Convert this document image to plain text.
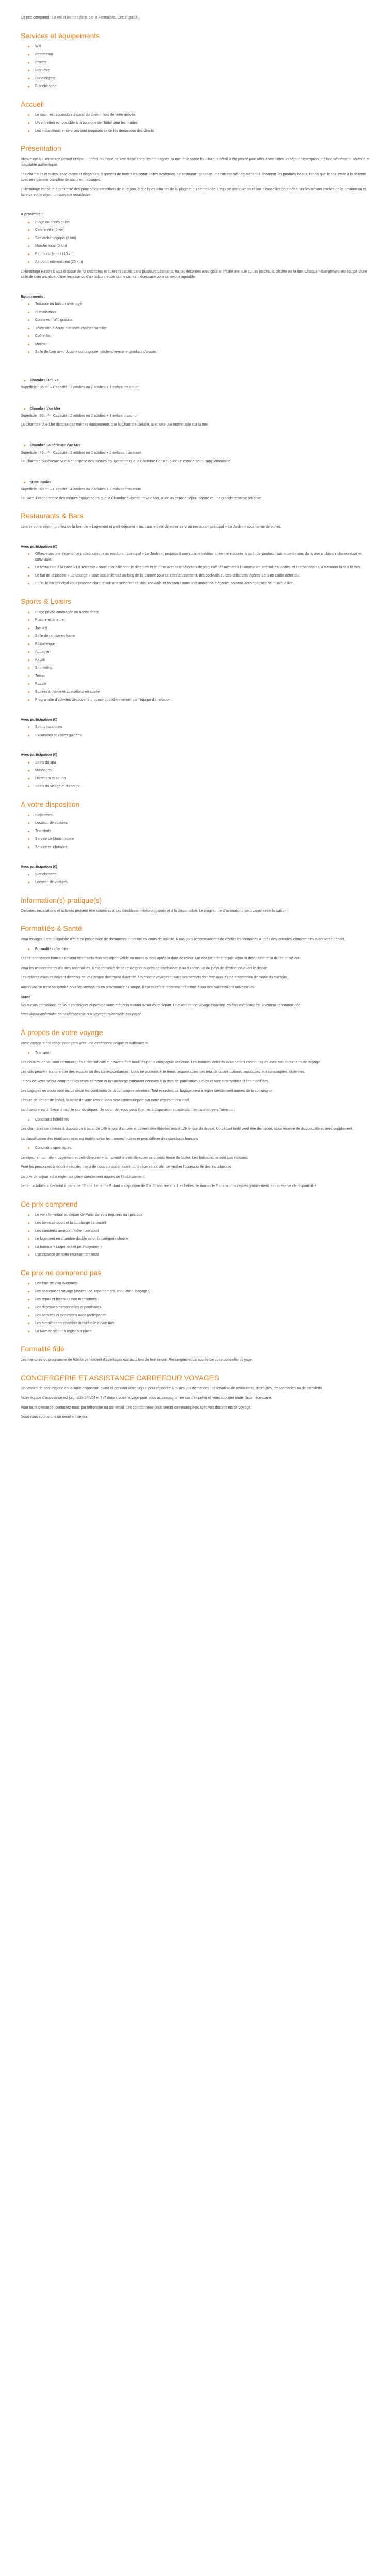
Ce prix comprend : Le vol et les transferts par le Formalités. Circuit guidé.

Services et équipements
■ Wifi
■ Restaurant
■ Piscine
■ Bien-être
■ Conciergerie
■ Blanchisserie
Accueil
■ Le salon est accessible à partir du chek-in lors de votre arrivée
■ Un entretien est possible à la boutique de l'hôtel pour les mariés
■ Les installations et services sont proposés selon les demandes des clients
Présentation

Bienvenue au Hermitage Resort et Spa, un hôtel-boutique de luxe niché entre les montagnes, la mer et le sable fin. Chaque détail a été pensé pour offrir à ses hôtes un séjour d'exception, mêlant raffinement, sérénité et hospitalité authentique.

Les chambres et suites, spacieuses et élégantes, disposent de toutes les commodités modernes. Le restaurant propose une cuisine raffinée mettant à l'honneur les produits locaux, tandis que le spa invite à la détente avec une gamme complète de soins et massages.

L'Hermitage est situé à proximité des principales attractions de la région, à quelques minutes de la plage et du centre-ville. L'équipe attentive saura vous conseiller pour découvrir les trésors cachés de la destination et faire de votre séjour un souvenir inoubliable.

À proximité :

■ Plage en accès direct
■ Centre-ville (5 km)
■ Site archéologique (8 km)
■ Marché local (3 km)
■ Parcours de golf (10 km)
■ Aéroport international (25 km)

L'Hermitage Resort & Spa dispose de 72 chambres et suites réparties dans plusieurs bâtiments, toutes décorées avec goût et offrant une vue sur les jardins, la piscine ou la mer. Chaque hébergement est équipé d'une salle de bain privative, d'une terrasse ou d'un balcon, et de tout le confort nécessaire pour un séjour agréable.

Équipements :

■ Terrasse ou balcon aménagé
■ Climatisation
■ Connexion Wifi gratuite
■ Télévision à écran plat avec chaînes satellite
■ Coffre-fort
■ Minibar
■ Salle de bain avec douche ou baignoire, sèche-cheveux et produits d'accueil

■ Chambre Deluxe

Superficie : 35 m² – Capacité : 2 adultes ou 2 adultes + 1 enfant maximum

■ Chambre Vue Mer

Superficie : 35 m² – Capacité : 2 adultes ou 2 adultes + 1 enfant maximum

La Chambre Vue Mer dispose des mêmes équipements que la Chambre Deluxe, avec une vue imprenable sur la mer.

■ Chambre Supérieure Vue Mer

Superficie : 45 m² – Capacité : 3 adultes ou 2 adultes + 2 enfants maximum

La Chambre Supérieure Vue Mer dispose des mêmes équipements que la Chambre Deluxe, avec un espace salon supplémentaire.

■ Suite Junior

Superficie : 60 m² – Capacité : 4 adultes ou 2 adultes + 2 enfants maximum

La Suite Junior dispose des mêmes équipements que la Chambre Supérieure Vue Mer, avec un espace séjour séparé et une grande terrasse privative.

Restaurants & Bars

Lors de votre séjour, profitez de la formule « Logement et petit-déjeuner » incluant le petit-déjeuner servi au restaurant principal « Le Jardin » sous forme de buffet.

Avec participation (€)

■ Offrez-vous une expérience gastronomique au restaurant principal « Le Jardin », proposant une cuisine méditerranéenne élaborée à partir de produits frais et de saison, dans une ambiance chaleureuse et conviviale.
■ Le restaurant à la carte « La Terrasse » vous accueille pour le déjeuner et le dîner avec une sélection de plats raffinés mettant à l'honneur les spécialités locales et internationales, à savourer face à la mer.
■ Le bar de la piscine « Le Lounge » vous accueille tout au long de la journée pour un rafraîchissement, des cocktails ou des collations légères dans un cadre détendu.
■ Enfin, le bar principal vous propose chaque soir une sélection de vins, cocktails et boissons dans une ambiance élégante, souvent accompagnée de musique live.
Sports & Loisirs
■ Plage privée aménagée en accès direct
■ Piscine extérieure
■ Jacuzzi
■ Salle de remise en forme
■ Bibliothèque
■ Aquagym
■ Kayak
■ Snorkeling
■ Tennis
■ Paddle
■ Soirées à thème et animations en soirée
■ Programme d'activités découverte proposé quotidiennement par l'équipe d'animation

Avec participation (€)

■ Sports nautiques
■ Excursions et visites guidées

Avec participation (€)

■ Soins du spa
■ Massages
■ Hammam et sauna
■ Soins du visage et du corps
À votre disposition
■ Bicyclettes
■ Location de voitures
■ Transferts
■ Service de blanchisserie
■ Service en chambre

Avec participation (€)

■ Blanchisserie
■ Location de voitures
Information(s) pratique(s)

Certaines installations et activités peuvent être soumises à des conditions météorologiques et à la disponibilité. Le programme d'animations peut varier selon la saison.

Formalités & Santé

Pour voyager, il est obligatoire d'être en possession de documents d'identité en cours de validité. Nous vous recommandons de vérifier les formalités auprès des autorités compétentes avant votre départ.

■ Formalités d'entrée

Les ressortissants français doivent être munis d'un passeport valide au moins 6 mois après la date de retour. Un visa peut être requis selon la destination et la durée du séjour.

Pour les ressortissants d'autres nationalités, il est conseillé de se renseigner auprès de l'ambassade ou du consulat du pays de destination avant le départ.

Les enfants mineurs doivent disposer de leur propre document d'identité. Un mineur voyageant sans ses parents doit être muni d'une autorisation de sortie du territoire.

Aucun vaccin n'est obligatoire pour les voyageurs en provenance d'Europe. Il est toutefois recommandé d'être à jour des vaccinations universelles.

Santé

Nous vous conseillons de vous renseigner auprès de votre médecin traitant avant votre départ. Une assurance voyage couvrant les frais médicaux est vivement recommandée.

https://www.diplomatie.gouv.fr/fr/conseils-aux-voyageurs/conseils-par-pays/

À propos de votre voyage

Votre voyage a été conçu pour vous offrir une expérience unique et authentique.

■ Transport

Les horaires de vol sont communiqués à titre indicatif et peuvent être modifiés par la compagnie aérienne. Les horaires définitifs vous seront communiqués avec vos documents de voyage.

Les vols peuvent comprendre des escales ou des correspondances. Nous ne pouvons être tenus responsables des retards ou annulations imputables aux compagnies aériennes.

Le prix de votre séjour comprend les taxes aéroport et la surcharge carburant connues à la date de publication. Celles-ci sont susceptibles d'être modifiées.

Les bagages en soute sont inclus selon les conditions de la compagnie aérienne. Tout excédent de bagage sera à régler directement auprès de la compagnie.

L'heure de départ de l'hôtel, la veille de votre retour, vous sera communiquée par notre représentant local.

La chambre est à libérer à midi le jour du départ. Un salon de repos peut être mis à disposition en attendant le transfert vers l'aéroport.

■ Conditions hôtelières

Les chambres sont mises à disposition à partir de 14h le jour d'arrivée et doivent être libérées avant 12h le jour du départ. Un départ tardif peut être demandé, sous réserve de disponibilité et avec supplément.

La classification des établissements est établie selon les normes locales et peut différer des standards français.

■ Conditions spécifiques

Le séjour en formule « Logement et petit-déjeuner » comprend le petit-déjeuner servi sous forme de buffet. Les boissons ne sont pas incluses.

Pour les personnes à mobilité réduite, merci de nous consulter avant toute réservation afin de vérifier l'accessibilité des installations.

La taxe de séjour est à régler sur place directement auprès de l'établissement.

Le tarif « Adulte » s'entend à partir de 12 ans. Le tarif « Enfant » s'applique de 2 à 11 ans révolus. Les bébés de moins de 2 ans sont acceptés gratuitement, sous réserve de disponibilité.

Ce prix comprend
■ Le vol aller-retour au départ de Paris sur vols réguliers ou spéciaux
■ Les taxes aéroport et la surcharge carburant
■ Les transferts aéroport / hôtel / aéroport
■ Le logement en chambre double selon la catégorie choisie
■ La formule « Logement et petit-déjeuner »
■ L'assistance de notre représentant local
Ce prix ne comprend pas
■ Les frais de visa éventuels
■ Les assurances voyage (assistance, rapatriement, annulation, bagages)
■ Les repas et boissons non mentionnés
■ Les dépenses personnelles et pourboires
■ Les activités et excursions avec participation
■ Les suppléments chambre individuelle et vue mer
■ La taxe de séjour à régler sur place
Formalité fidé

Les membres du programme de fidélité bénéficient d'avantages exclusifs lors de leur séjour. Renseignez-vous auprès de votre conseiller voyage.

CONCIERGERIE ET ASSISTANCE CARREFOUR VOYAGES

Un service de conciergerie est à votre disposition avant et pendant votre séjour pour répondre à toutes vos demandes : réservation de restaurants, d'activités, de spectacles ou de transferts.

Notre équipe d'assistance est joignable 24h/24 et 7j/7 durant votre voyage pour vous accompagner en cas d'imprévu et vous apporter toute l'aide nécessaire.

Pour toute demande, contactez-nous par téléphone ou par email. Les coordonnées vous seront communiquées avec vos documents de voyage.

Nous vous souhaitons un excellent séjour.
